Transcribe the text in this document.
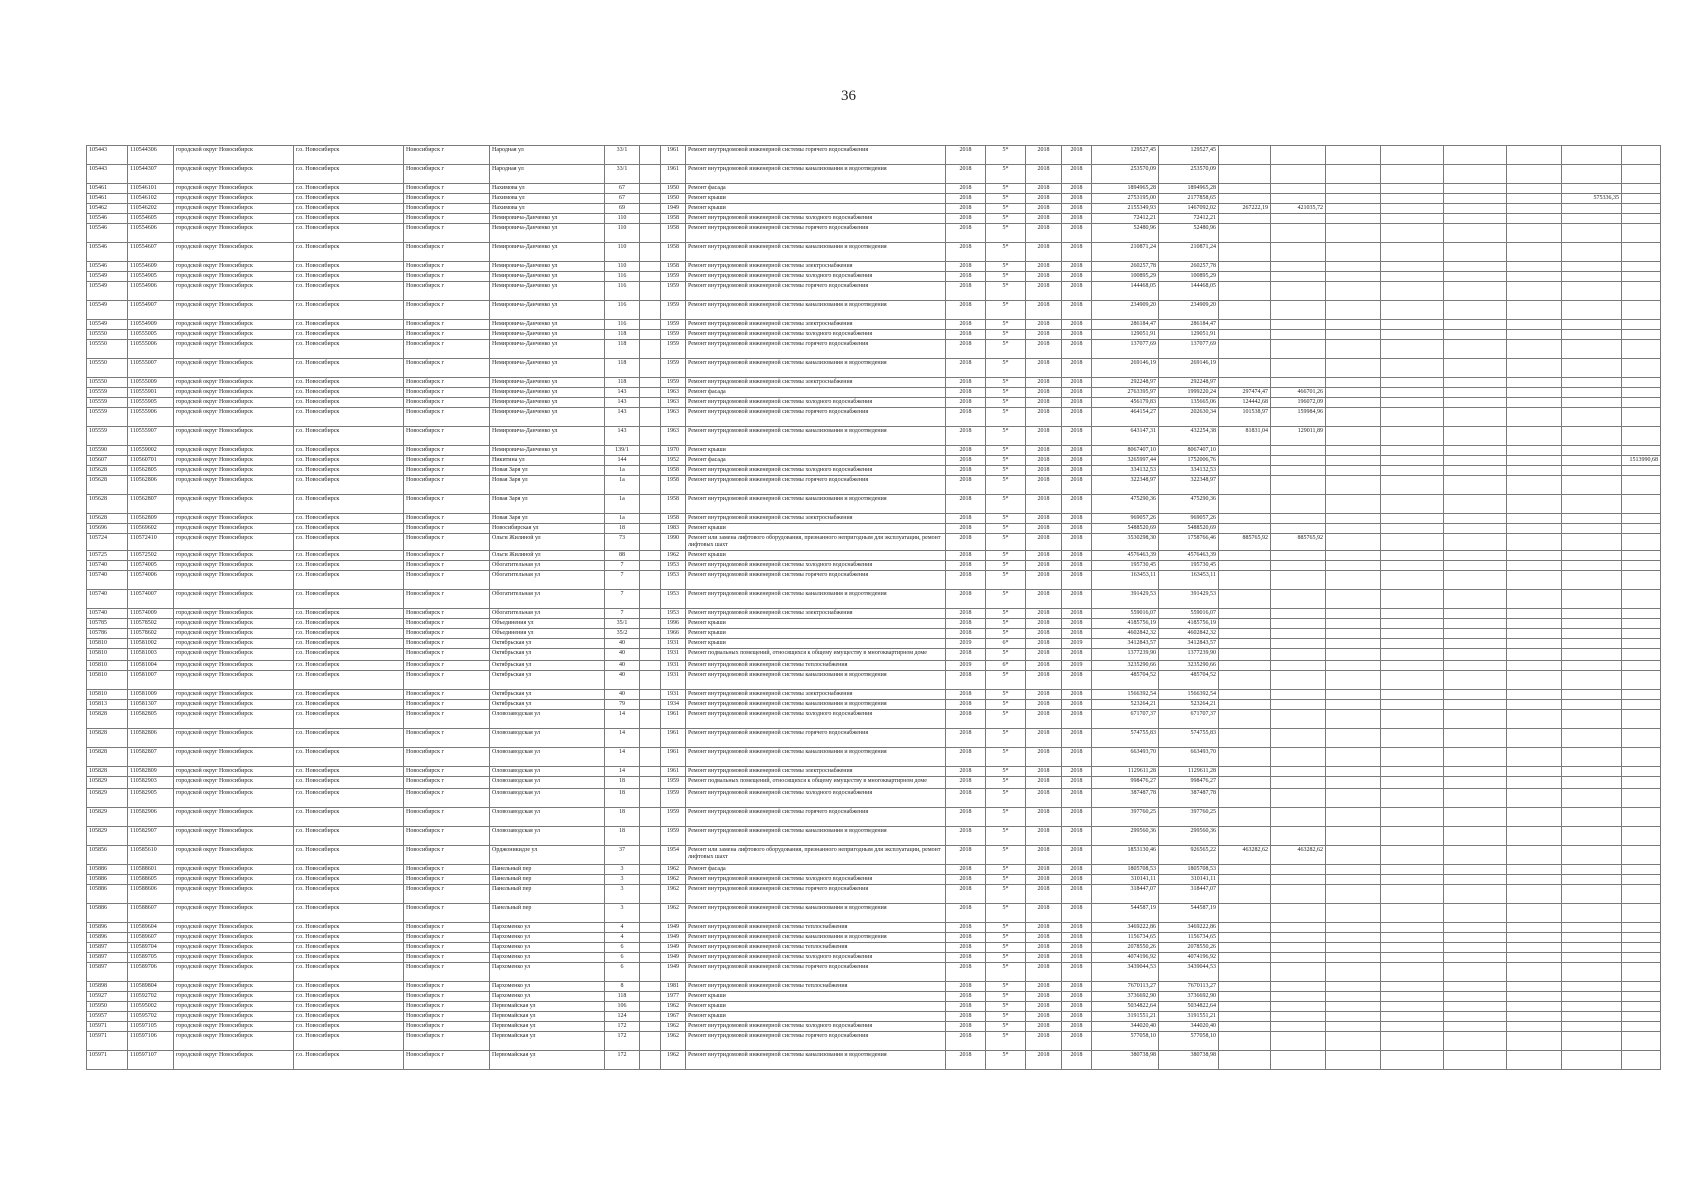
36
105443	110544306	городской округ Новосибирск	г.о. Новосибирск	Новосибирск г	Народная ул	33/1		1961	Ремонт внутридомовой инженерной системы горячего водоснабжения	2018	5*	2018	2018	129527,45	129527,45								
105443	110544307	городской округ Новосибирск	г.о. Новосибирск	Новосибирск г	Народная ул	33/1		1961	Ремонт внутридомовой инженерной системы канализования и водоотведения	2018	5*	2018	2018	253570,09	253570,09								
105461	110546101	городской округ Новосибирск	г.о. Новосибирск	Новосибирск г	Нахимова ул	67		1950	Ремонт фасада	2018	5*	2018	2018	1894965,28	1894965,28								
105461	110546102	городской округ Новосибирск	г.о. Новосибирск	Новосибирск г	Нахимова ул	67		1950	Ремонт крыши	2018	5*	2018	2018	2753195,00	2177858,65							575336,35	
105462	110546202	городской округ Новосибирск	г.о. Новосибирск	Новосибирск г	Нахимова ул	69		1949	Ремонт крыши	2018	5*	2018	2018	2155349,93	1467092,02	267222,19	421035,72						
105546	110554605	городской округ Новосибирск	г.о. Новосибирск	Новосибирск г	Немировича-Данченко ул	110		1958	Ремонт внутридомовой инженерной системы холодного водоснабжения	2018	5*	2018	2018	72412,21	72412,21								
105546	110554606	городской округ Новосибирск	г.о. Новосибирск	Новосибирск г	Немировича-Данченко ул	110		1958	Ремонт внутридомовой инженерной системы горячего водоснабжения	2018	5*	2018	2018	52480,96	52480,96								
105546	110554607	городской округ Новосибирск	г.о. Новосибирск	Новосибирск г	Немировича-Данченко ул	110		1958	Ремонт внутридомовой инженерной системы канализования и водоотведения	2018	5*	2018	2018	210871,24	210871,24								
105546	110554609	городской округ Новосибирск	г.о. Новосибирск	Новосибирск г	Немировича-Данченко ул	110		1958	Ремонт внутридомовой инженерной системы электроснабжения	2018	5*	2018	2018	260257,78	260257,78								
105549	110554905	городской округ Новосибирск	г.о. Новосибирск	Новосибирск г	Немировича-Данченко ул	116		1959	Ремонт внутридомовой инженерной системы холодного водоснабжения	2018	5*	2018	2018	100895,29	100895,29								
105549	110554906	городской округ Новосибирск	г.о. Новосибирск	Новосибирск г	Немировича-Данченко ул	116		1959	Ремонт внутридомовой инженерной системы горячего водоснабжения	2018	5*	2018	2018	144468,05	144468,05								
105549	110554907	городской округ Новосибирск	г.о. Новосибирск	Новосибирск г	Немировича-Данченко ул	116		1959	Ремонт внутридомовой инженерной системы канализования и водоотведения	2018	5*	2018	2018	234909,20	234909,20								
105549	110554909	городской округ Новосибирск	г.о. Новосибирск	Новосибирск г	Немировича-Данченко ул	116		1959	Ремонт внутридомовой инженерной системы электроснабжения	2018	5*	2018	2018	286184,47	286184,47								
105550	110555005	городской округ Новосибирск	г.о. Новосибирск	Новосибирск г	Немировича-Данченко ул	118		1959	Ремонт внутридомовой инженерной системы холодного водоснабжения	2018	5*	2018	2018	129051,91	129051,91								
105550	110555006	городской округ Новосибирск	г.о. Новосибирск	Новосибирск г	Немировича-Данченко ул	118		1959	Ремонт внутридомовой инженерной системы горячего водоснабжения	2018	5*	2018	2018	137077,69	137077,69								
105550	110555007	городской округ Новосибирск	г.о. Новосибирск	Новосибирск г	Немировича-Данченко ул	118		1959	Ремонт внутридомовой инженерной системы канализования и водоотведения	2018	5*	2018	2018	269146,19	269146,19								
105550	110555009	городской округ Новосибирск	г.о. Новосибирск	Новосибирск г	Немировича-Данченко ул	118		1959	Ремонт внутридомовой инженерной системы электроснабжения	2018	5*	2018	2018	292248,97	292248,97								
105559	110555901	городской округ Новосибирск	г.о. Новосибирск	Новосибирск г	Немировича-Данченко ул	143		1963	Ремонт фасада	2018	5*	2018	2018	2763395,97	1999220,24	297474,47	466701,26						
105559	110555905	городской округ Новосибирск	г.о. Новосибирск	Новосибирск г	Немировича-Данченко ул	143		1963	Ремонт внутридомовой инженерной системы холодного водоснабжения	2018	5*	2018	2018	456179,83	135665,06	124442,68	196072,09						
105559	110555906	городской округ Новосибирск	г.о. Новосибирск	Новосибирск г	Немировича-Данченко ул	143		1963	Ремонт внутридомовой инженерной системы горячего водоснабжения	2018	5*	2018	2018	464154,27	202630,34	101538,97	159984,96						
105559	110555907	городской округ Новосибирск	г.о. Новосибирск	Новосибирск г	Немировича-Данченко ул	143		1963	Ремонт внутридомовой инженерной системы канализования и водоотведения	2018	5*	2018	2018	643147,31	432254,38	81831,04	129011,89						
105590	110559002	городской округ Новосибирск	г.о. Новосибирск	Новосибирск г	Немировича-Данченко ул	139/1		1970	Ремонт крыши	2018	5*	2018	2018	8067407,10	8067407,10								
105607	110560701	городской округ Новосибирск	г.о. Новосибирск	Новосибирск г	Никитина ул	144		1952	Ремонт фасада	2018	5*	2018	2018	3265997,44	1752006,76								1513990,68
105628	110562805	городской округ Новосибирск	г.о. Новосибирск	Новосибирск г	Новая Заря ул	1а		1958	Ремонт внутридомовой инженерной системы холодного водоснабжения	2018	5*	2018	2018	334132,53	334132,53								
105628	110562806	городской округ Новосибирск	г.о. Новосибирск	Новосибирск г	Новая Заря ул	1а		1958	Ремонт внутридомовой инженерной системы горячего водоснабжения	2018	5*	2018	2018	322348,97	322348,97								
105628	110562807	городской округ Новосибирск	г.о. Новосибирск	Новосибирск г	Новая Заря ул	1а		1958	Ремонт внутридомовой инженерной системы канализования и водоотведения	2018	5*	2018	2018	475290,36	475290,36								
105628	110562809	городской округ Новосибирск	г.о. Новосибирск	Новосибирск г	Новая Заря ул	1а		1958	Ремонт внутридомовой инженерной системы электроснабжения	2018	5*	2018	2018	969057,26	969057,26								
105696	110569602	городской округ Новосибирск	г.о. Новосибирск	Новосибирск г	Новосибирская ул	18		1983	Ремонт крыши	2018	5*	2018	2018	5488520,69	5488520,69								
105724	110572410	городской округ Новосибирск	г.о. Новосибирск	Новосибирск г	Ольги Жилиной ул	73		1990	Ремонт или замена лифтового оборудования, признанного непригодным для эксплуатации, ремонт лифтовых шахт	2018	5*	2018	2018	3530298,30	1758766,46	885765,92	885765,92						
105725	110572502	городской округ Новосибирск	г.о. Новосибирск	Новосибирск г	Ольги Жилиной ул	88		1962	Ремонт крыши	2018	5*	2018	2018	4576463,39	4576463,39								
105740	110574005	городской округ Новосибирск	г.о. Новосибирск	Новосибирск г	Обогатительная ул	7		1953	Ремонт внутридомовой инженерной системы холодного водоснабжения	2018	5*	2018	2018	195730,45	195730,45								
105740	110574006	городской округ Новосибирск	г.о. Новосибирск	Новосибирск г	Обогатительная ул	7		1953	Ремонт внутридомовой инженерной системы горячего водоснабжения	2018	5*	2018	2018	163453,11	163453,11								
105740	110574007	городской округ Новосибирск	г.о. Новосибирск	Новосибирск г	Обогатительная ул	7		1953	Ремонт внутридомовой инженерной системы канализования и водоотведения	2018	5*	2018	2018	391429,53	391429,53								
105740	110574009	городской округ Новосибирск	г.о. Новосибирск	Новосибирск г	Обогатительная ул	7		1953	Ремонт внутридомовой инженерной системы электроснабжения	2018	5*	2018	2018	559016,07	559016,07								
105785	110578502	городской округ Новосибирск	г.о. Новосибирск	Новосибирск г	Объединения ул	35/1		1996	Ремонт крыши	2018	5*	2018	2018	4185756,19	4185756,19								
105786	110578602	городской округ Новосибирск	г.о. Новосибирск	Новосибирск г	Объединения ул	35/2		1966	Ремонт крыши	2018	5*	2018	2018	4602842,32	4602842,32								
105810	110581002	городской округ Новосибирск	г.о. Новосибирск	Новосибирск г	Октябрьская ул	40		1931	Ремонт крыши	2019	6*	2018	2019	3412843,57	3412843,57								
105810	110581003	городской округ Новосибирск	г.о. Новосибирск	Новосибирск г	Октябрьская ул	40		1931	Ремонт подвальных помещений, относящихся к общему имуществу в многоквартирном доме	2018	5*	2018	2018	1377239,90	1377239,90								
105810	110581004	городской округ Новосибирск	г.о. Новосибирск	Новосибирск г	Октябрьская ул	40		1931	Ремонт внутридомовой инженерной системы теплоснабжения	2019	6*	2018	2019	3235290,66	3235290,66								
105810	110581007	городской округ Новосибирск	г.о. Новосибирск	Новосибирск г	Октябрьская ул	40		1931	Ремонт внутридомовой инженерной системы канализования и водоотведения	2018	5*	2018	2018	485704,52	485704,52								
105810	110581009	городской округ Новосибирск	г.о. Новосибирск	Новосибирск г	Октябрьская ул	40		1931	Ремонт внутридомовой инженерной системы электроснабжения	2018	5*	2018	2018	1566392,54	1566392,54								
105813	110581307	городской округ Новосибирск	г.о. Новосибирск	Новосибирск г	Октябрьская ул	79		1934	Ремонт внутридомовой инженерной системы канализования и водоотведения	2018	5*	2018	2018	523264,21	523264,21								
105828	110582805	городской округ Новосибирск	г.о. Новосибирск	Новосибирск г	Оловозаводская ул	14		1961	Ремонт внутридомовой инженерной системы холодного водоснабжения	2018	5*	2018	2018	671707,37	671707,37								
105828	110582806	городской округ Новосибирск	г.о. Новосибирск	Новосибирск г	Оловозаводская ул	14		1961	Ремонт внутридомовой инженерной системы горячего водоснабжения	2018	5*	2018	2018	574755,83	574755,83								
105828	110582807	городской округ Новосибирск	г.о. Новосибирск	Новосибирск г	Оловозаводская ул	14		1961	Ремонт внутридомовой инженерной системы канализования и водоотведения	2018	5*	2018	2018	663493,70	663493,70								
105828	110582809	городской округ Новосибирск	г.о. Новосибирск	Новосибирск г	Оловозаводская ул	14		1961	Ремонт внутридомовой инженерной системы электроснабжения	2018	5*	2018	2018	1129611,28	1129611,28								
105829	110582903	городской округ Новосибирск	г.о. Новосибирск	Новосибирск г	Оловозаводская ул	18		1959	Ремонт подвальных помещений, относящихся к общему имуществу в многоквартирном доме	2018	5*	2018	2018	998476,27	998476,27								
105829	110582905	городской округ Новосибирск	г.о. Новосибирск	Новосибирск г	Оловозаводская ул	18		1959	Ремонт внутридомовой инженерной системы холодного водоснабжения	2018	5*	2018	2018	387487,78	387487,78								
105829	110582906	городской округ Новосибирск	г.о. Новосибирск	Новосибирск г	Оловозаводская ул	18		1959	Ремонт внутридомовой инженерной системы горячего водоснабжения	2018	5*	2018	2018	397760,25	397760,25								
105829	110582907	городской округ Новосибирск	г.о. Новосибирск	Новосибирск г	Оловозаводская ул	18		1959	Ремонт внутридомовой инженерной системы канализования и водоотведения	2018	5*	2018	2018	299560,36	299560,36								
105856	110585610	городской округ Новосибирск	г.о. Новосибирск	Новосибирск г	Орджоникидзе ул	37		1954	Ремонт или замена лифтового оборудования, признанного непригодным для эксплуатации, ремонт лифтовых шахт	2018	5*	2018	2018	1853130,46	926565,22	463282,62	463282,62						
105886	110588601	городской округ Новосибирск	г.о. Новосибирск	Новосибирск г	Панельный пер	3		1962	Ремонт фасада	2018	5*	2018	2018	1805708,53	1805708,53								
105886	110588605	городской округ Новосибирск	г.о. Новосибирск	Новосибирск г	Панельный пер	3		1962	Ремонт внутридомовой инженерной системы холодного водоснабжения	2018	5*	2018	2018	310141,11	310141,11								
105886	110588606	городской округ Новосибирск	г.о. Новосибирск	Новосибирск г	Панельный пер	3		1962	Ремонт внутридомовой инженерной системы горячего водоснабжения	2018	5*	2018	2018	318447,07	318447,07								
105886	110588607	городской округ Новосибирск	г.о. Новосибирск	Новосибирск г	Панельный пер	3		1962	Ремонт внутридомовой инженерной системы канализования и водоотведения	2018	5*	2018	2018	544587,19	544587,19								
105896	110589604	городской округ Новосибирск	г.о. Новосибирск	Новосибирск г	Пархоменко ул	4		1949	Ремонт внутридомовой инженерной системы теплоснабжения	2018	5*	2018	2018	3469222,86	3469222,86								
105896	110589607	городской округ Новосибирск	г.о. Новосибирск	Новосибирск г	Пархоменко ул	4		1949	Ремонт внутридомовой инженерной системы канализования и водоотведения	2018	5*	2018	2018	1156734,65	1156734,65								
105897	110589704	городской округ Новосибирск	г.о. Новосибирск	Новосибирск г	Пархоменко ул	6		1949	Ремонт внутридомовой инженерной системы теплоснабжения	2018	5*	2018	2018	2078550,26	2078550,26								
105897	110589705	городской округ Новосибирск	г.о. Новосибирск	Новосибирск г	Пархоменко ул	6		1949	Ремонт внутридомовой инженерной системы холодного водоснабжения	2018	5*	2018	2018	4074196,92	4074196,92								
105897	110589706	городской округ Новосибирск	г.о. Новосибирск	Новосибирск г	Пархоменко ул	6		1949	Ремонт внутридомовой инженерной системы горячего водоснабжения	2018	5*	2018	2018	3439044,53	3439044,53								
105898	110589804	городской округ Новосибирск	г.о. Новосибирск	Новосибирск г	Пархоменко ул	8		1981	Ремонт внутридомовой инженерной системы теплоснабжения	2018	5*	2018	2018	7670113,27	7670113,27								
105927	110592702	городской округ Новосибирск	г.о. Новосибирск	Новосибирск г	Пархоменко ул	118		1977	Ремонт крыши	2018	5*	2018	2018	3736692,90	3736692,90								
105950	110595002	городской округ Новосибирск	г.о. Новосибирск	Новосибирск г	Первомайская ул	106		1962	Ремонт крыши	2018	5*	2018	2018	5034822,64	5034822,64								
105957	110595702	городской округ Новосибирск	г.о. Новосибирск	Новосибирск г	Первомайская ул	124		1967	Ремонт крыши	2018	5*	2018	2018	3191551,21	3191551,21								
105971	110597105	городской округ Новосибирск	г.о. Новосибирск	Новосибирск г	Первомайская ул	172		1962	Ремонт внутридомовой инженерной системы холодного водоснабжения	2018	5*	2018	2018	344020,40	344020,40								
105971	110597106	городской округ Новосибирск	г.о. Новосибирск	Новосибирск г	Первомайская ул	172		1962	Ремонт внутридомовой инженерной системы горячего водоснабжения	2018	5*	2018	2018	577058,10	577058,10								
105971	110597107	городской округ Новосибирск	г.о. Новосибирск	Новосибирск г	Первомайская ул	172		1962	Ремонт внутридомовой инженерной системы канализования и водоотведения	2018	5*	2018	2018	380738,98	380738,98								
